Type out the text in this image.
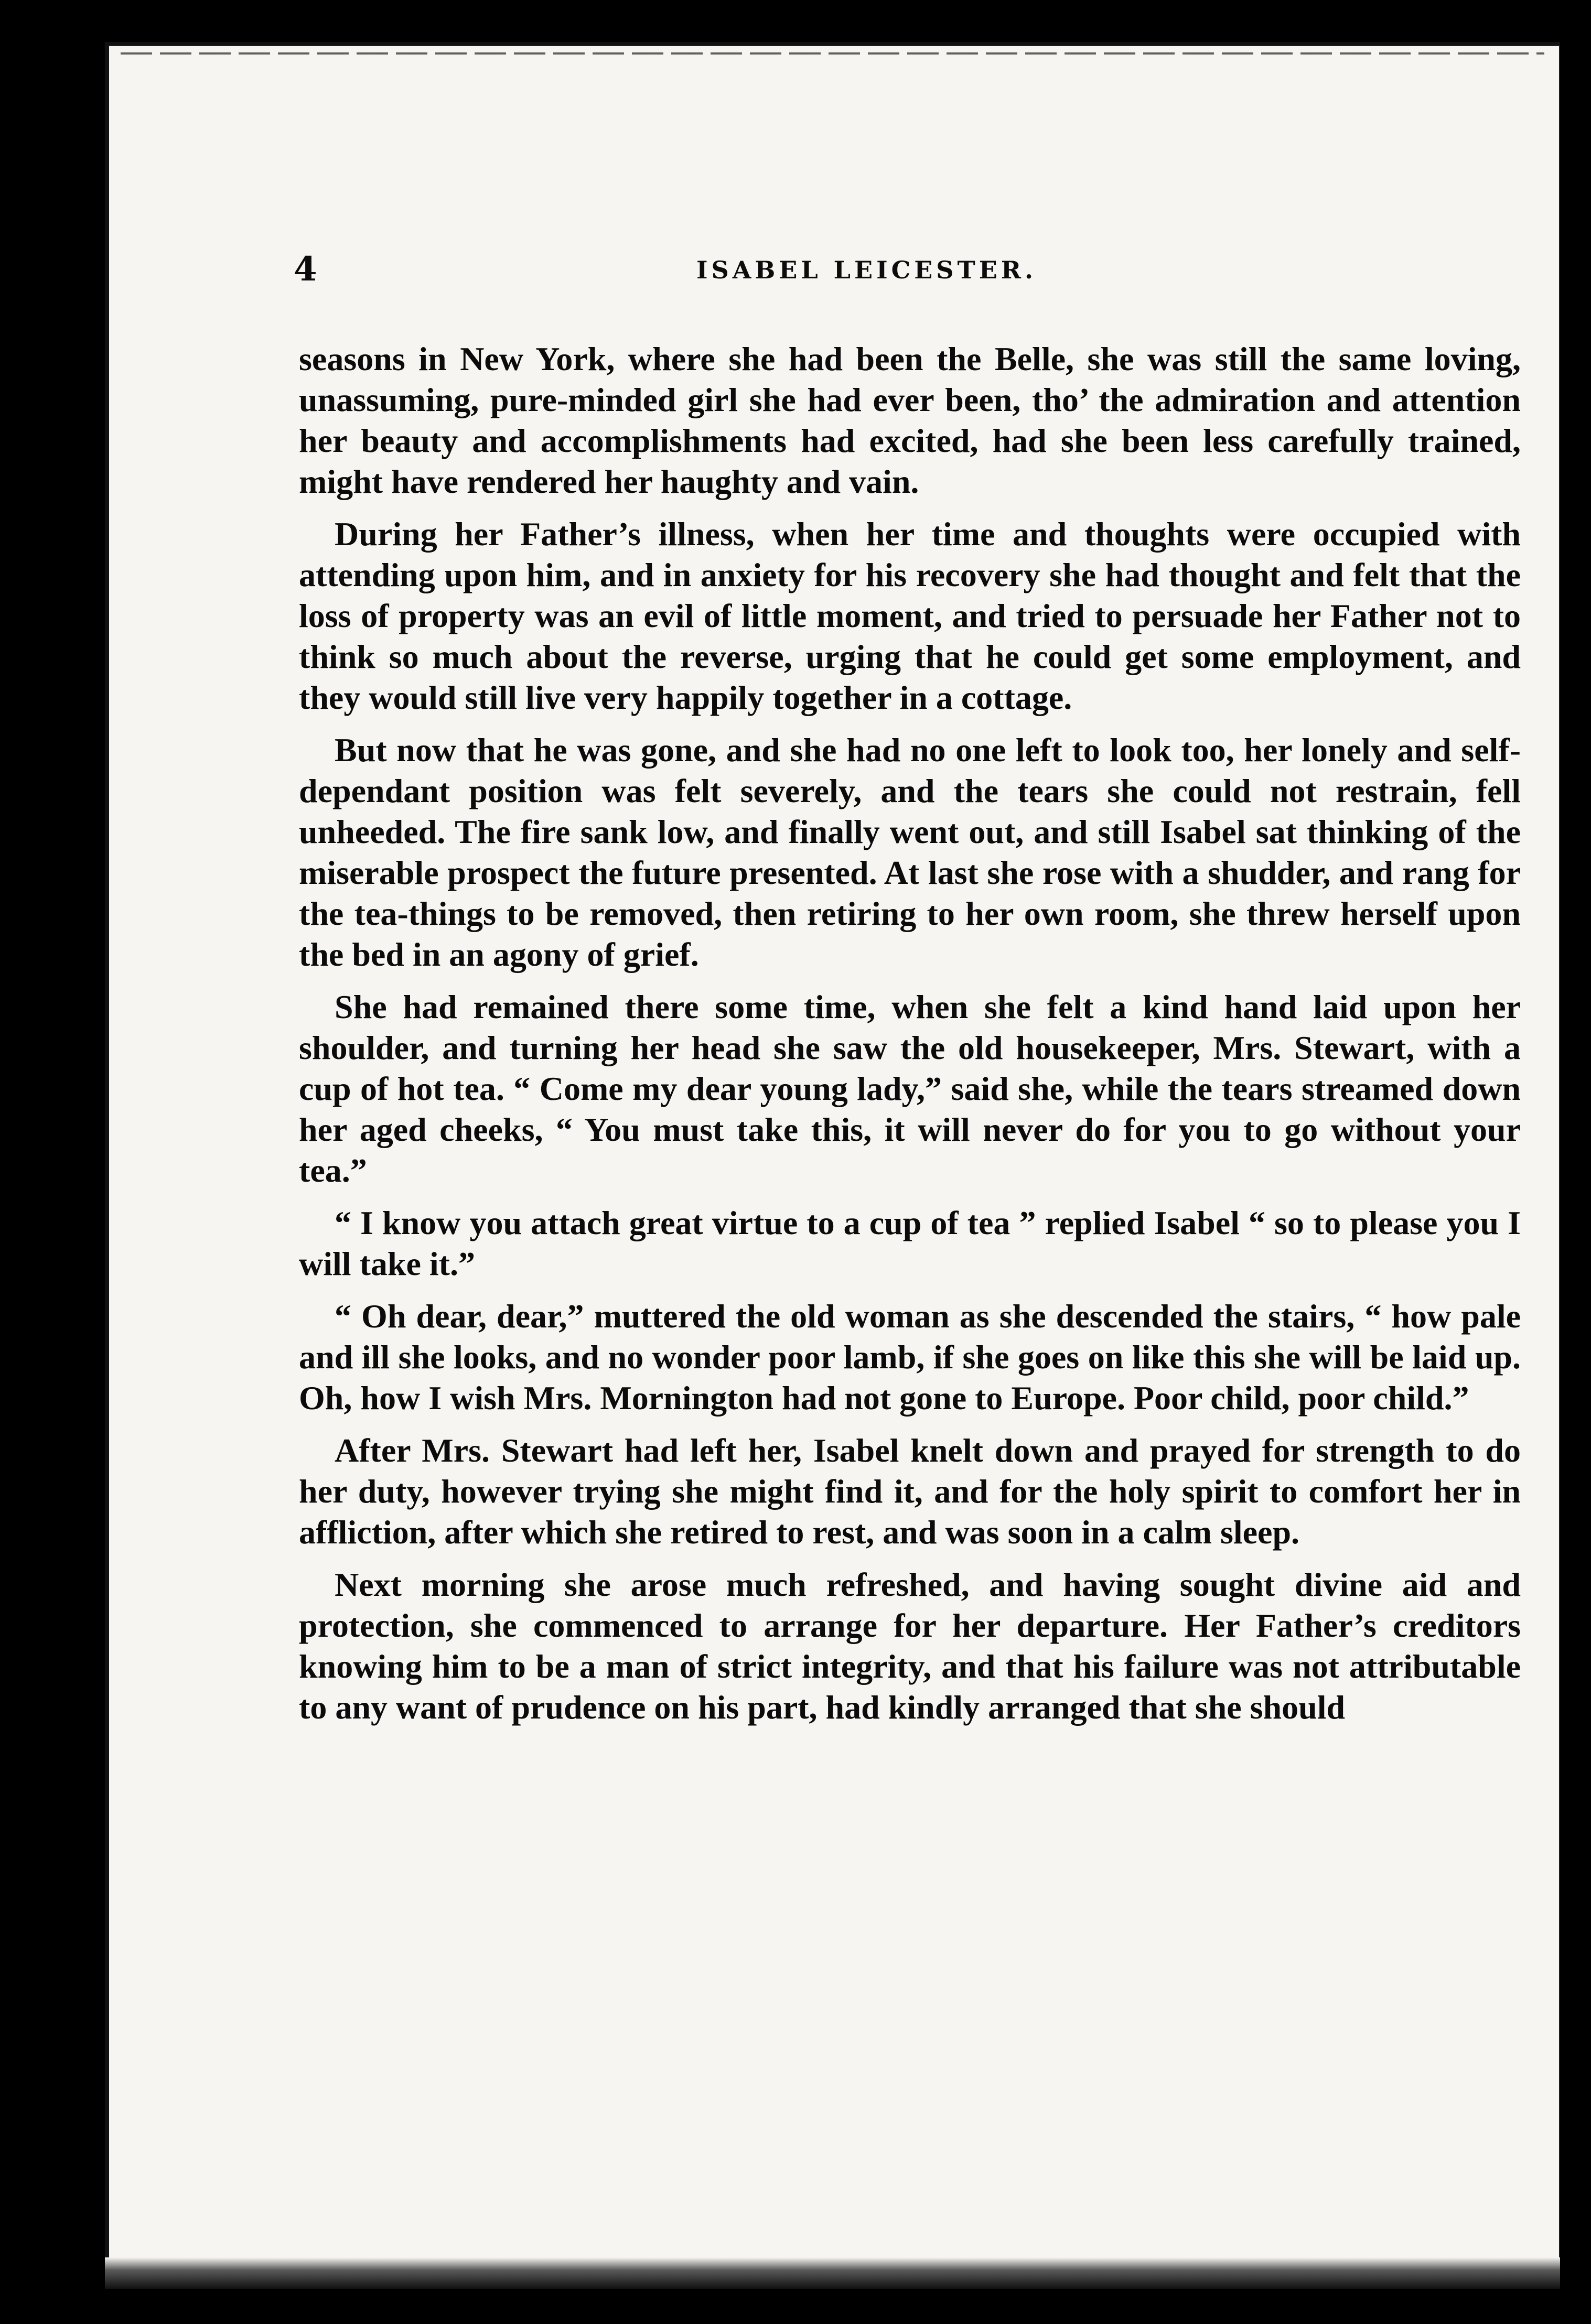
4	ISABEL LEICESTER.

seasons in New York, where she had been the Belle, she was still the same loving, unassuming, pure-minded girl she had ever been, tho’ the admiration and attention her beauty and accomplishments had excited, had she been less carefully trained, might have rendered her haughty and vain.

During her Father’s illness, when her time and thoughts were occupied with attending upon him, and in anxiety for his recovery she had thought and felt that the loss of property was an evil of little moment, and tried to persuade her Father not to think so much about the reverse, urging that he could get some employment, and they would still live very happily together in a cottage.

But now that he was gone, and she had no one left to look too, her lonely and self-dependant position was felt severely, and the tears she could not restrain, fell unheeded. The fire sank low, and finally went out, and still Isabel sat thinking of the miserable prospect the future presented. At last she rose with a shudder, and rang for the tea-things to be removed, then retiring to her own room, she threw herself upon the bed in an agony of grief.

She had remained there some time, when she felt a kind hand laid upon her shoulder, and turning her head she saw the old housekeeper, Mrs. Stewart, with a cup of hot tea. “ Come my dear young lady,” said she, while the tears streamed down her aged cheeks, “ You must take this, it will never do for you to go without your tea.”

“ I know you attach great virtue to a cup of tea ” replied Isabel “ so to please you I will take it.”

“ Oh dear, dear,” muttered the old woman as she descended the stairs, “ how pale and ill she looks, and no wonder poor lamb, if she goes on like this she will be laid up. Oh, how I wish Mrs. Mornington had not gone to Europe. Poor child, poor child.”

After Mrs. Stewart had left her, Isabel knelt down and prayed for strength to do her duty, however trying she might find it, and for the holy spirit to comfort her in affliction, after which she retired to rest, and was soon in a calm sleep.

Next morning she arose much refreshed, and having sought divine aid and protection, she commenced to arrange for her departure. Her Father’s creditors knowing him to be a man of strict integrity, and that his failure was not attributable to any want of prudence on his part, had kindly arranged that she should
